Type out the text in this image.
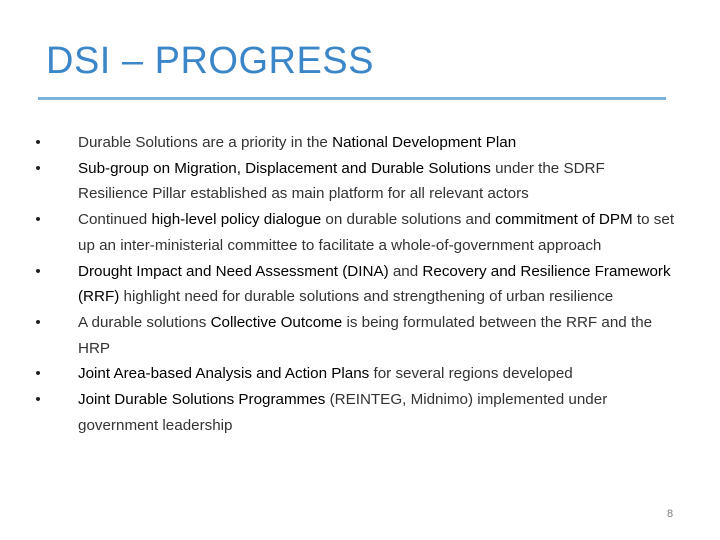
DSI – PROGRESS
•	Durable Solutions are a priority in the National Development Plan
•	Sub-group on Migration, Displacement and Durable Solutions under the SDRF Resilience Pillar established as main platform for all relevant actors
•	Continued high-level policy dialogue on durable solutions and commitment of DPM to set up an inter-ministerial committee to facilitate a whole-of-government approach
•	Drought Impact and Need Assessment (DINA) and Recovery and Resilience Framework (RRF) highlight need for durable solutions and strengthening of urban resilience
•	A durable solutions Collective Outcome is being formulated between the RRF and the HRP
•	Joint Area-based Analysis and Action Plans for several regions developed
•	Joint Durable Solutions Programmes (REINTEG, Midnimo) implemented under government leadership
8
